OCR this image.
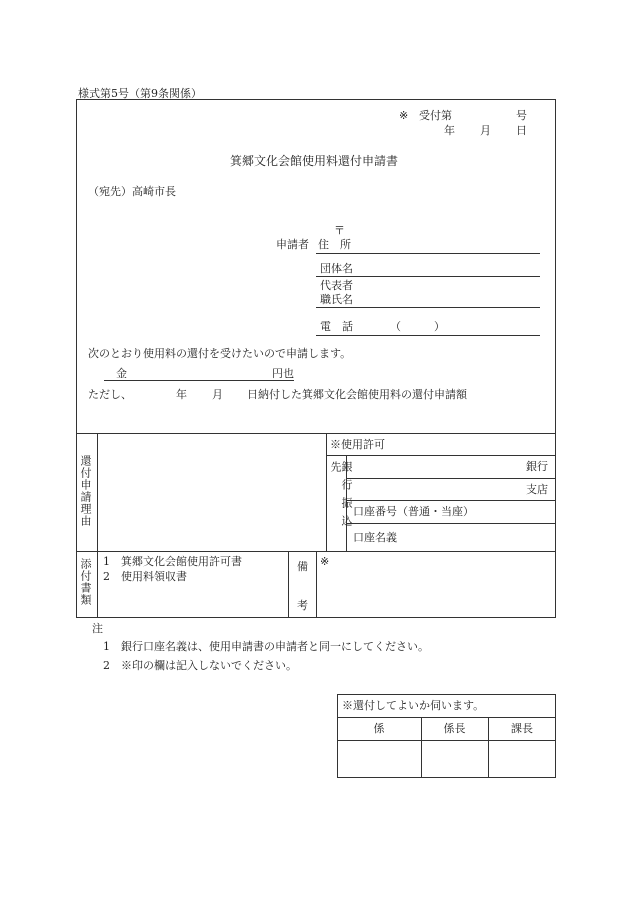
様式第5号（第9条関係）
※ 受付第	号
年 月 日
箕郷文化会館使用料還付申請書
（宛先）高崎市長
〒
申請者 住　所
団体名
代表者
職氏名
電　話	（　　　）
次のとおり使用料の還付を受けたいので申請します。
金	円也
ただし、	年 月 日納付した箕郷文化会館使用料の還付申請額
還付申請理由
※使用許可
銀行振込先	銀行
支店
口座番号（普通・当座）
口座名義
添付書類 1　箕郷文化会館使用許可書
2　使用料領収書
備
考
※
注
1　銀行口座名義は、使用申請書の申請者と同一にしてください。
2　※印の欄は記入しないでください。
※還付してよいか伺います。
係	係長	課長
